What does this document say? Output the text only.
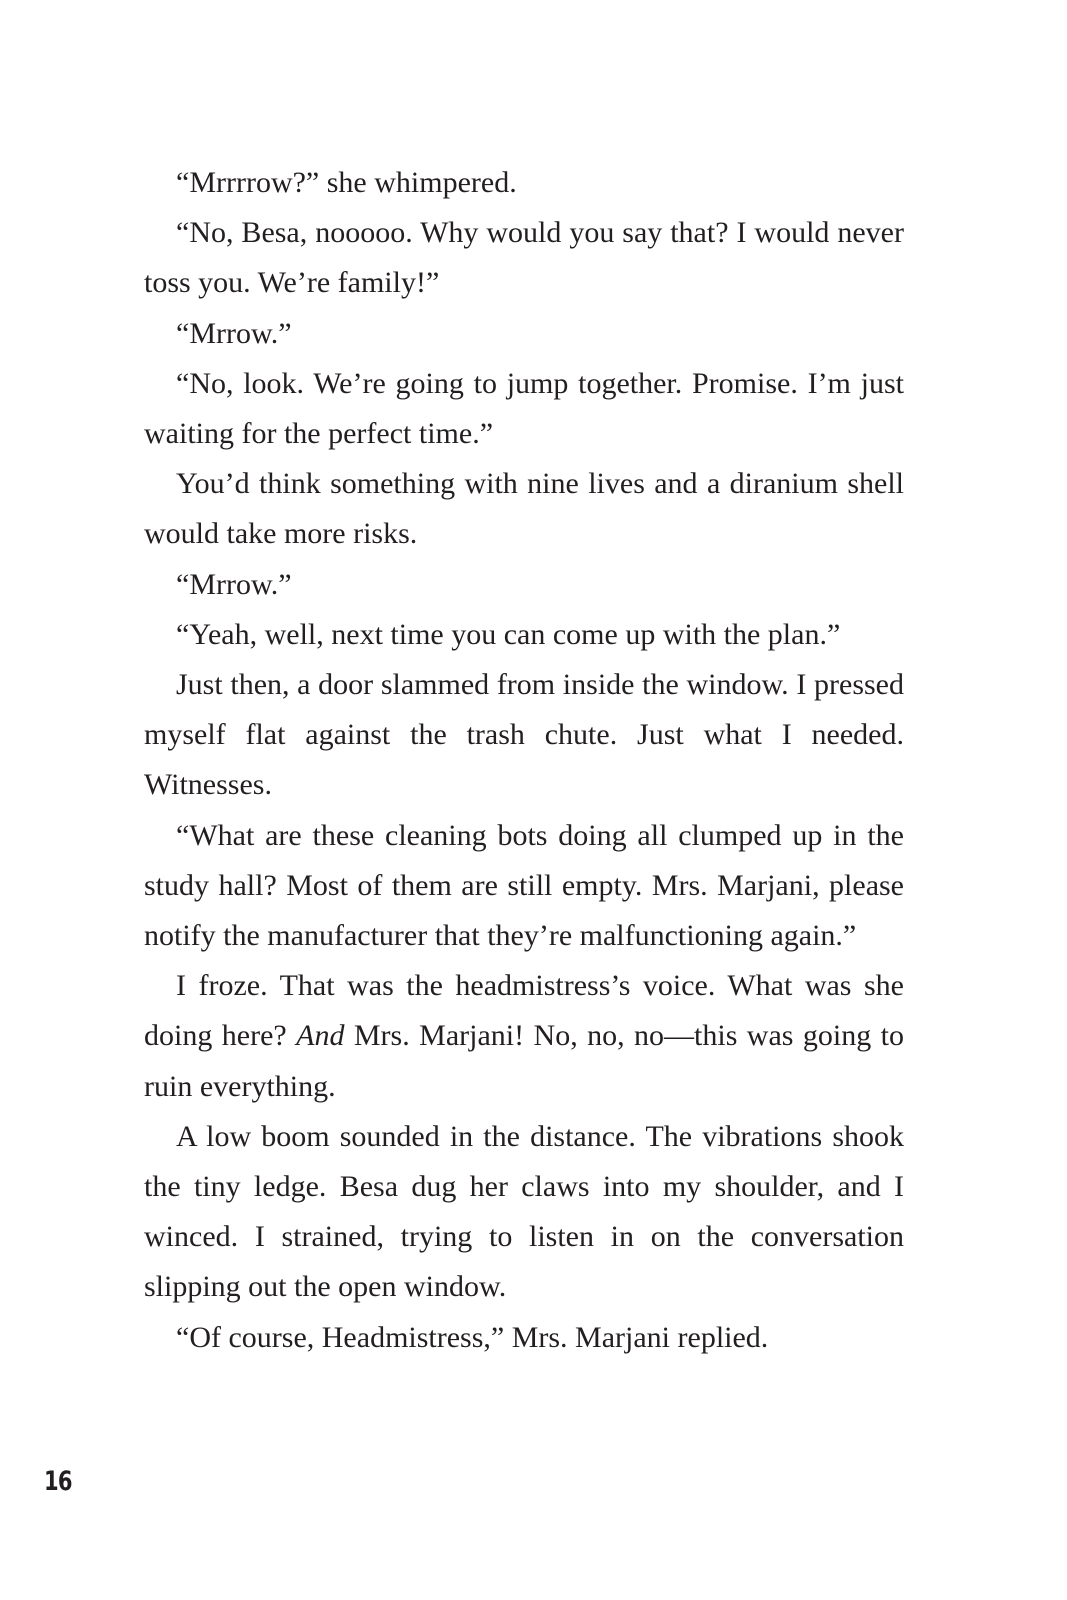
“Mrrrrow?” she whimpered.

“No, Besa, nooooo. Why would you say that? I would never toss you. We’re family!”

“Mrrow.”

“No, look. We’re going to jump together. Promise. I’m just waiting for the perfect time.”

You’d think something with nine lives and a diranium shell would take more risks.

“Mrrow.”

“Yeah, well, next time you can come up with the plan.”

Just then, a door slammed from inside the window. I pressed myself flat against the trash chute. Just what I needed. Witnesses.

“What are these cleaning bots doing all clumped up in the study hall? Most of them are still empty. Mrs. Marjani, please notify the manufacturer that they’re malfunctioning again.”

I froze. That was the headmistress’s voice. What was she doing here? And Mrs. Marjani! No, no, no—this was going to ruin everything.

A low boom sounded in the distance. The vibrations shook the tiny ledge. Besa dug her claws into my shoulder, and I winced. I strained, trying to listen in on the conversation slipping out the open window.

“Of course, Headmistress,” Mrs. Marjani replied.

16
